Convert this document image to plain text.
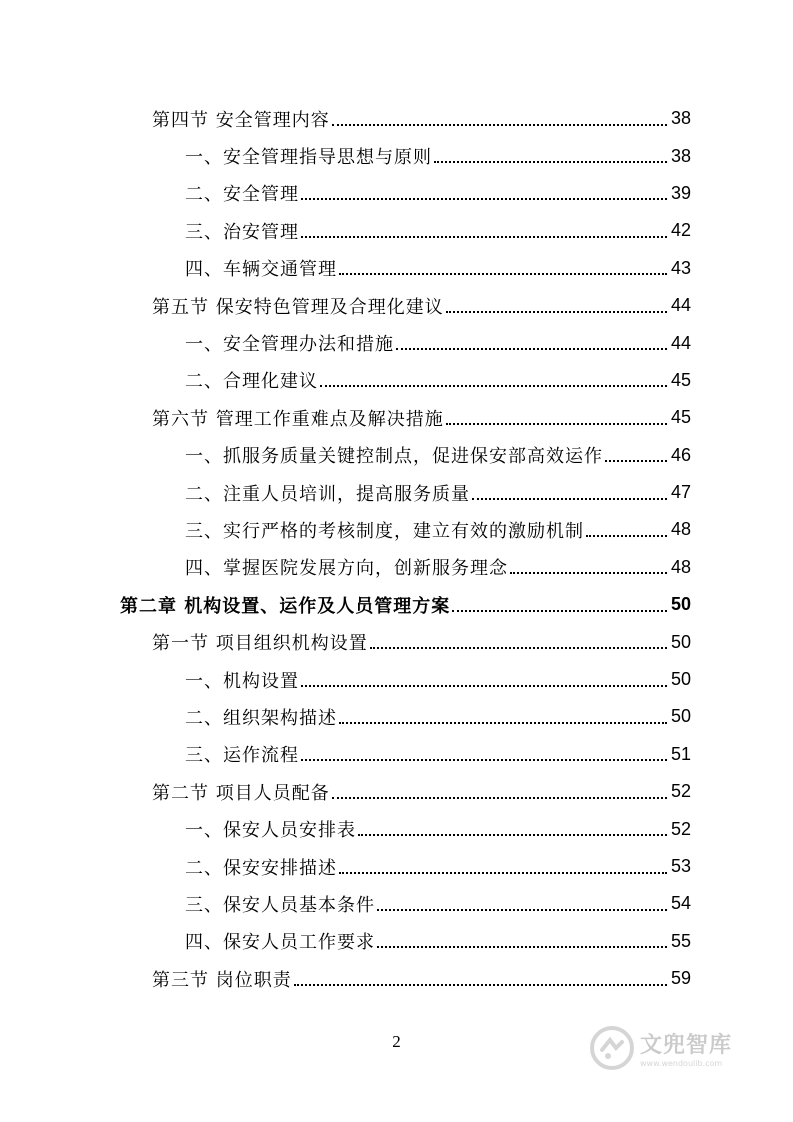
第四节 安全管理内容	38
一、安全管理指导思想与原则	38
二、安全管理	39
三、治安管理	42
四、车辆交通管理	43
第五节 保安特色管理及合理化建议	44
一、安全管理办法和措施	44
二、合理化建议	45
第六节 管理工作重难点及解决措施	45
一、抓服务质量关键控制点，促进保安部高效运作	46
二、注重人员培训，提高服务质量	47
三、实行严格的考核制度，建立有效的激励机制	48
四、掌握医院发展方向，创新服务理念	48
第二章 机构设置、运作及人员管理方案	50
第一节 项目组织机构设置	50
一、机构设置	50
二、组织架构描述	50
三、运作流程	51
第二节 项目人员配备	52
一、保安人员安排表	52
二、保安安排描述	53
三、保安人员基本条件	54
四、保安人员工作要求	55
第三节 岗位职责	59
2	文兜智库
www.wendoulib.com
